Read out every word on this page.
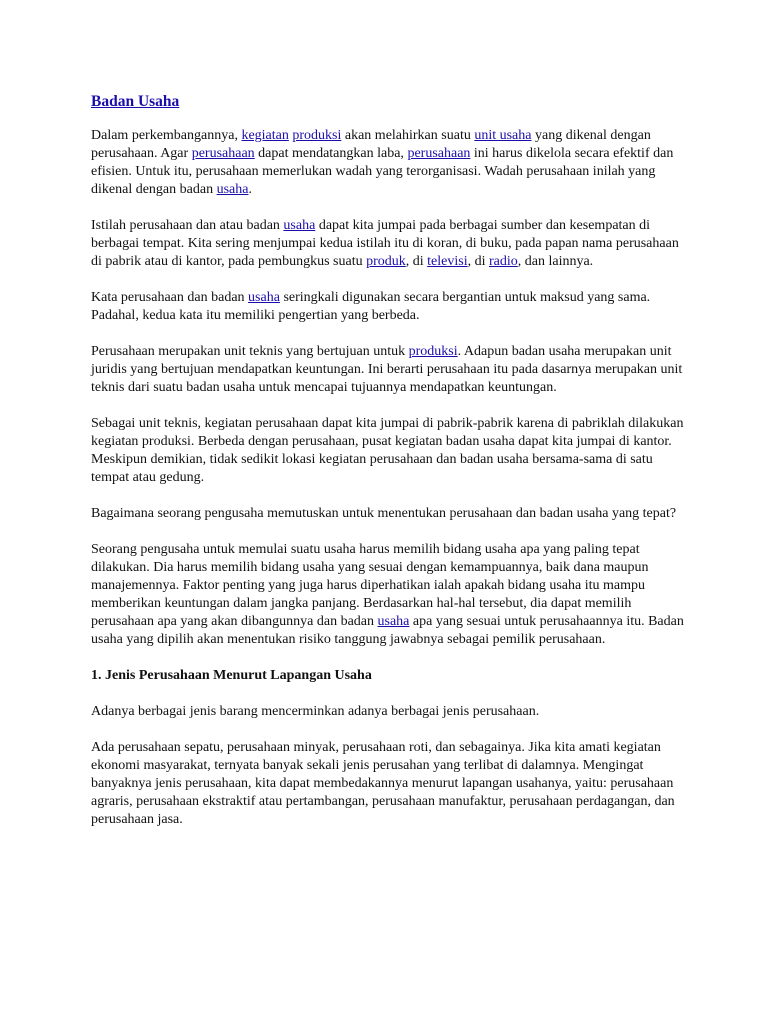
Badan Usaha

Dalam perkembangannya, kegiatan produksi akan melahirkan suatu unit usaha yang dikenal dengan perusahaan. Agar perusahaan dapat mendatangkan laba, perusahaan ini harus dikelola secara efektif dan efisien. Untuk itu, perusahaan memerlukan wadah yang terorganisasi. Wadah perusahaan inilah yang dikenal dengan badan usaha.

Istilah perusahaan dan atau badan usaha dapat kita jumpai pada berbagai sumber dan kesempatan di berbagai tempat. Kita sering menjumpai kedua istilah itu di koran, di buku, pada papan nama perusahaan di pabrik atau di kantor, pada pembungkus suatu produk, di televisi, di radio, dan lainnya.

Kata perusahaan dan badan usaha seringkali digunakan secara bergantian untuk maksud yang sama. Padahal, kedua kata itu memiliki pengertian yang berbeda.

Perusahaan merupakan unit teknis yang bertujuan untuk produksi. Adapun badan usaha merupakan unit juridis yang bertujuan mendapatkan keuntungan. Ini berarti perusahaan itu pada dasarnya merupakan unit teknis dari suatu badan usaha untuk mencapai tujuannya mendapatkan keuntungan.

Sebagai unit teknis, kegiatan perusahaan dapat kita jumpai di pabrik-pabrik karena di pabriklah dilakukan kegiatan produksi. Berbeda dengan perusahaan, pusat kegiatan badan usaha dapat kita jumpai di kantor. Meskipun demikian, tidak sedikit lokasi kegiatan perusahaan dan badan usaha bersama-sama di satu tempat atau gedung.

Bagaimana seorang pengusaha memutuskan untuk menentukan perusahaan dan badan usaha yang tepat?

Seorang pengusaha untuk memulai suatu usaha harus memilih bidang usaha apa yang paling tepat dilakukan. Dia harus memilih bidang usaha yang sesuai dengan kemampuannya, baik dana maupun manajemennya. Faktor penting yang juga harus diperhatikan ialah apakah bidang usaha itu mampu memberikan keuntungan dalam jangka panjang. Berdasarkan hal-hal tersebut, dia dapat memilih perusahaan apa yang akan dibangunnya dan badan usaha apa yang sesuai untuk perusahaannya itu. Badan usaha yang dipilih akan menentukan risiko tanggung jawabnya sebagai pemilik perusahaan.

1. Jenis Perusahaan Menurut Lapangan Usaha

Adanya berbagai jenis barang mencerminkan adanya berbagai jenis perusahaan.

Ada perusahaan sepatu, perusahaan minyak, perusahaan roti, dan sebagainya. Jika kita amati kegiatan ekonomi masyarakat, ternyata banyak sekali jenis perusahan yang terlibat di dalamnya. Mengingat banyaknya jenis perusahaan, kita dapat membedakannya menurut lapangan usahanya, yaitu: perusahaan agraris, perusahaan ekstraktif atau pertambangan, perusahaan manufaktur, perusahaan perdagangan, dan perusahaan jasa.
